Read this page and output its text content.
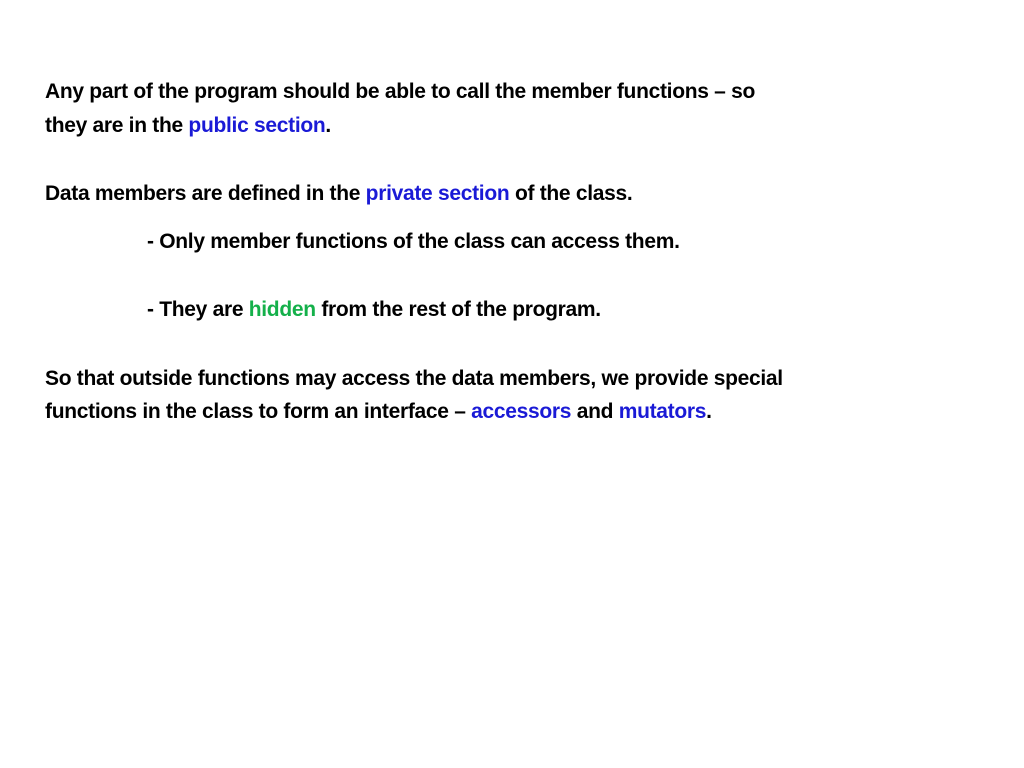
Any part of the program should be able to call the member functions – so
they are in the public section.
Data members are defined in the private section of the class.
- Only member functions of the class can access them.
- They are hidden from the rest of the program.
So that outside functions may access the data members, we provide special
functions in the class to form an interface – accessors and mutators.
